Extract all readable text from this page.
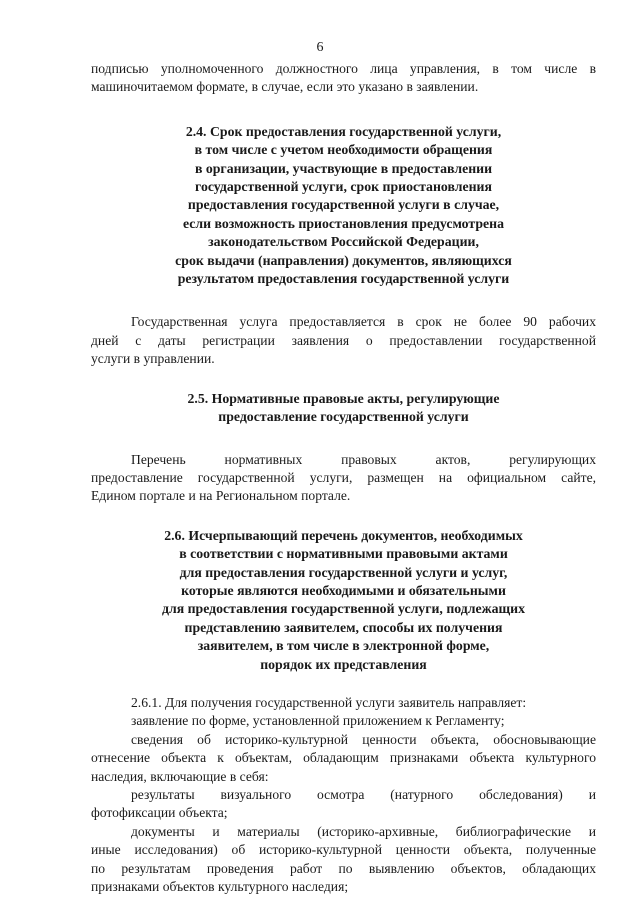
6

подписью уполномоченного должностного лица управления, в том числе в
машиночитаемом формате, в случае, если это указано в заявлении.

2.4. Срок предоставления государственной услуги,
в том числе с учетом необходимости обращения
в организации, участвующие в предоставлении
государственной услуги, срок приостановления
предоставления государственной услуги в случае,
если возможность приостановления предусмотрена
законодательством Российской Федерации,
срок выдачи (направления) документов, являющихся
результатом предоставления государственной услуги

Государственная услуга предоставляется в срок не более 90 рабочих
дней с даты регистрации заявления о предоставлении государственной
услуги в управлении.

2.5. Нормативные правовые акты, регулирующие
предоставление государственной услуги

Перечень нормативных правовых актов, регулирующих
предоставление государственной услуги, размещен на официальном сайте,
Едином портале и на Региональном портале.

2.6. Исчерпывающий перечень документов, необходимых
в соответствии с нормативными правовыми актами
для предоставления государственной услуги и услуг,
которые являются необходимыми и обязательными
для предоставления государственной услуги, подлежащих
представлению заявителем, способы их получения
заявителем, в том числе в электронной форме,
порядок их представления

2.6.1. Для получения государственной услуги заявитель направляет:

заявление по форме, установленной приложением к Регламенту;

сведения об историко-культурной ценности объекта, обосновывающие
отнесение объекта к объектам, обладающим признаками объекта культурного
наследия, включающие в себя:

результаты визуального осмотра (натурного обследования) и
фотофиксации объекта;

документы и материалы (историко-архивные, библиографические и
иные исследования) об историко-культурной ценности объекта, полученные
по результатам проведения работ по выявлению объектов, обладающих
признаками объектов культурного наследия;
